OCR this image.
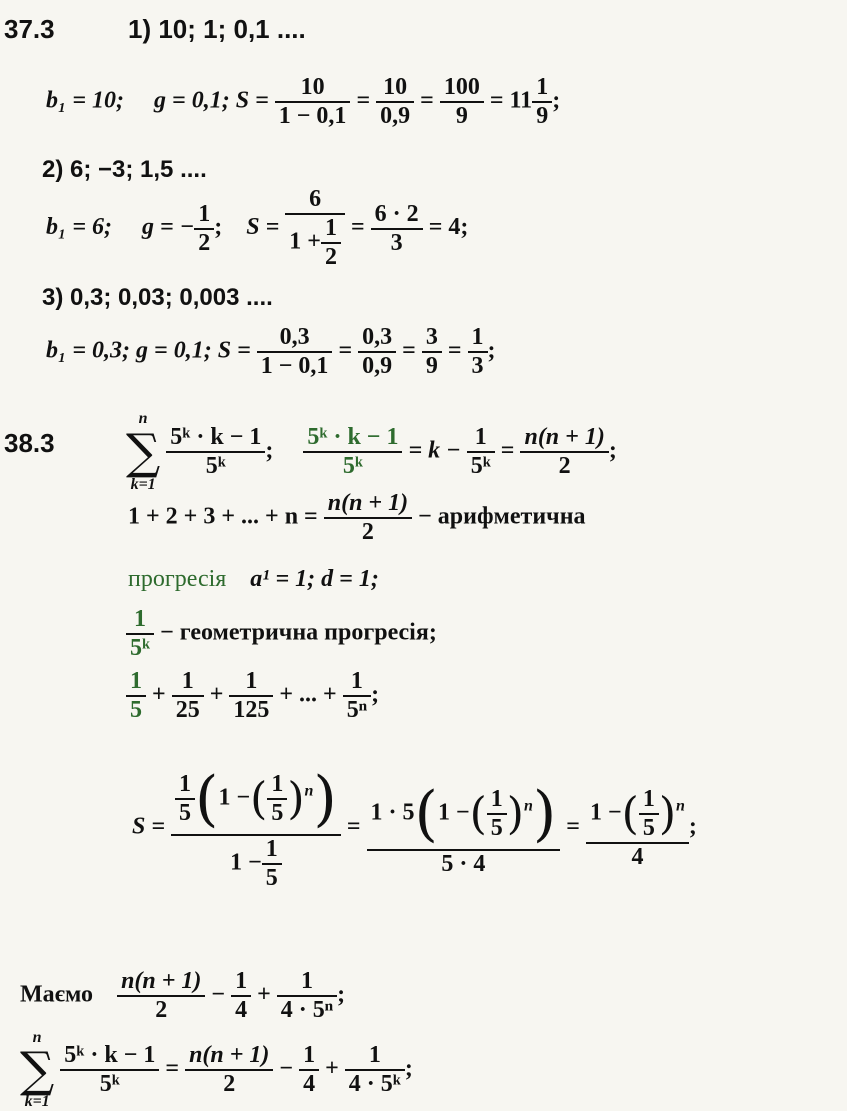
37.3	1) 10; 1; 0,1 ....
b₁ = 10; g = 0,1; $S = \frac{10}{1 - 0,1} = \frac{10}{0,9} = \frac{100}{9} = 11 \frac{1}{9}$ ;
2) 6; −3; 1,5 ....
b₁ = 6; g = − $\frac{1}{2}$ ;    $S = \frac{6}{1 + \frac{1}{2}} = \frac{6 \cdot 2}{3} = 4$;
3) 0,3; 0,03; 0,003 ....
b₁ = 0,3; g = 0,1; $S = \frac{0,3}{1 - 0,1} = \frac{0,3}{0,9} = \frac{3}{9} = \frac{1}{3}$ ;
38.3
n
∑
k=1

$\frac{\text{5ᵏ · k − 1}}{\text{5ᵏ}}$ ; $\frac{\text{5ᵏ · k − 1}}{\text{5ᵏ}} = k - \frac{1}{\text{5ᵏ}} = \frac{n(n + 1)}{2}$ ;
1 + 2 + 3 + ... + $n = \frac{n(n + 1)}{2}$ − арифметична
прогресія a¹ = 1; d = 1;
$\frac{1}{\text{5ᵏ}}$ − геометрична прогресія;
$\frac{1}{5} + \frac{1}{25} + \frac{1}{125}$ + ... + $\frac{1}{\text{5ⁿ}}$ ;
$S = \frac{\frac{1}{5} (1 -( \frac{1}{5} )^n)}{1 - \frac{1}{5}} = \frac{1 \cdot 5(1 -( \frac{1}{5} )^n)}{5 \cdot 4} = \frac{1 -( \frac{1}{5} )^n}{4}$ ;
Маємо $\frac{n(n + 1)}{2} - \frac{1}{4} + \frac{1}{\text{4 · 5ⁿ}}$ ;
n
∑
k=1

$\frac{\text{5ᵏ · k − 1}}{\text{5ᵏ}} = \frac{n(n + 1)}{2} - \frac{1}{4} + \frac{1}{\text{4 · 5ᵏ}}$ ;
